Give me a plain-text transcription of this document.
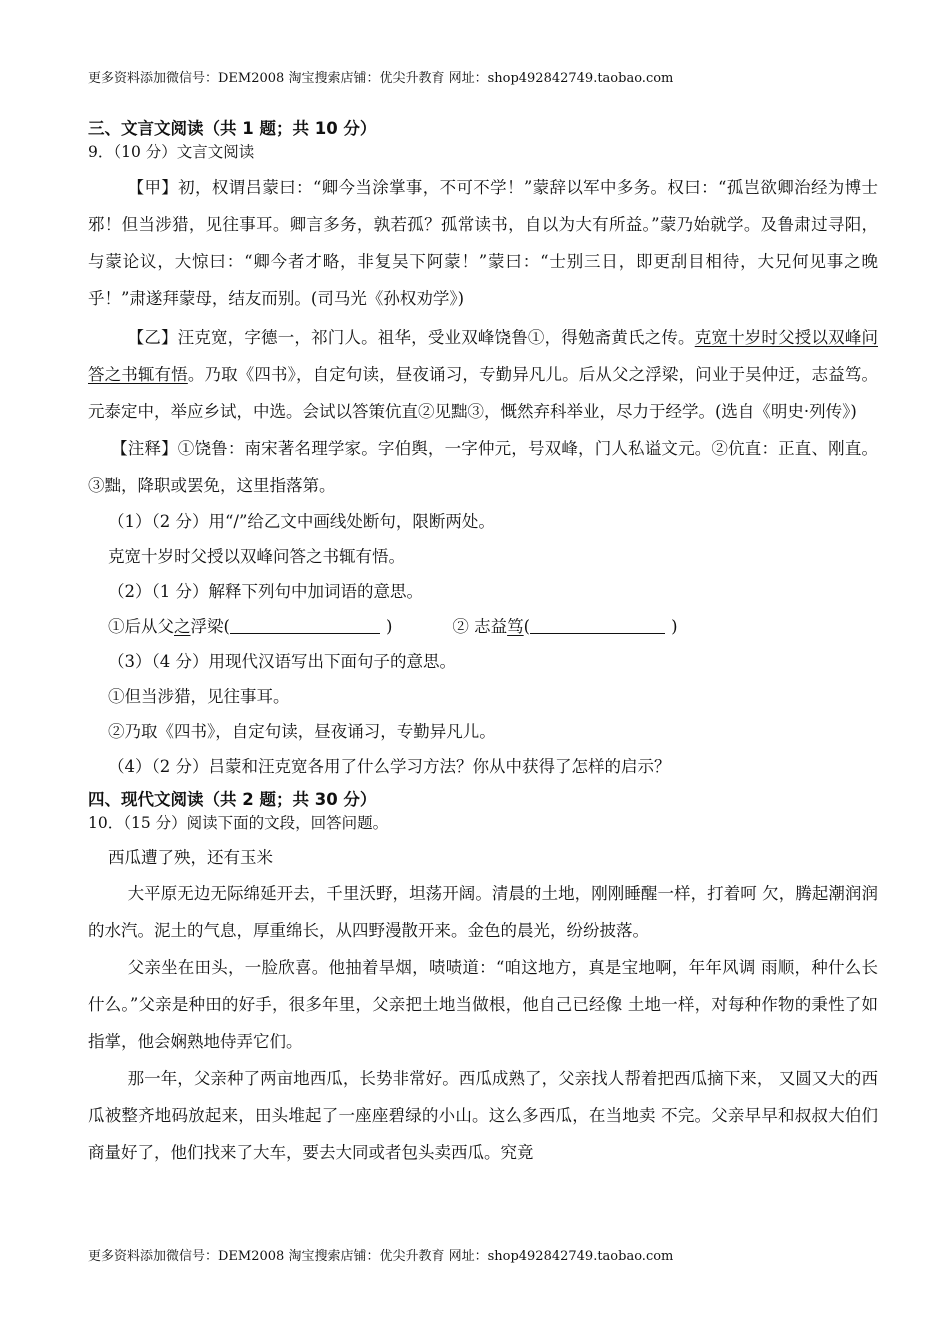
更多资料添加微信号：DEM2008 淘宝搜索店铺：优尖升教育 网址：shop492842749.taobao.com

三、文言文阅读（共 1 题；共 10 分）

9．（10 分）文言文阅读

【甲】初，权谓吕蒙曰：“卿今当涂掌事，不可不学！”蒙辞以军中多务。权曰：“孤岂欲卿治经为博士邪！但当涉猎，见往事耳。卿言多务，孰若孤？孤常读书，自以为大有所益。”蒙乃始就学。及鲁肃过寻阳，与蒙论议，大惊曰：“卿今者才略，非复吴下阿蒙！”蒙曰：“士别三日，即更刮目相待，大兄何见事之晚乎！”肃遂拜蒙母，结友而别。(司马光《孙权劝学》)

【乙】汪克宽，字德一，祁门人。祖华，受业双峰饶鲁①，得勉斋黄氏之传。克宽十岁时父授以双峰问答之书辄有悟。乃取《四书》，自定句读，昼夜诵习，专勤异凡儿。后从父之浮梁，问业于吴仲迂，志益笃。元泰定中，举应乡试，中选。会试以答策伉直②见黜③，慨然弃科举业，尽力于经学。(选自《明史·列传》)

【注释】①饶鲁：南宋著名理学家。字伯舆，一字仲元，号双峰，门人私谥文元。②伉直：正直、刚直。③黜，降职或罢免，这里指落第。

（1）（2 分）用“/”给乙文中画线处断句，限断两处。

克宽十岁时父授以双峰问答之书辄有悟。

（2）（1 分）解释下列句中加词语的意思。

①后从父之浮梁(	)	② 志益笃(	)

（3）（4 分）用现代汉语写出下面句子的意思。

①但当涉猎，见往事耳。

②乃取《四书》，自定句读，昼夜诵习，专勤异凡儿。

（4）（2 分）吕蒙和汪克宽各用了什么学习方法？你从中获得了怎样的启示？

四、现代文阅读（共 2 题；共 30 分）

10．（15 分）阅读下面的文段，回答问题。

西瓜遭了殃，还有玉米

大平原无边无际绵延开去，千里沃野，坦荡开阔。清晨的土地，刚刚睡醒一样，打着呵 欠，腾起潮润润的水汽。泥土的气息，厚重绵长，从四野漫散开来。金色的晨光，纷纷披落。

父亲坐在田头，一脸欣喜。他抽着旱烟，啧啧道：“咱这地方，真是宝地啊，年年风调 雨顺，种什么长什么。”父亲是种田的好手，很多年里，父亲把土地当做根，他自己已经像 土地一样，对每种作物的秉性了如指掌，他会娴熟地侍弄它们。

那一年，父亲种了两亩地西瓜，长势非常好。西瓜成熟了，父亲找人帮着把西瓜摘下来， 又圆又大的西瓜被整齐地码放起来，田头堆起了一座座碧绿的小山。这么多西瓜，在当地卖 不完。父亲早早和叔叔大伯们商量好了，他们找来了大车，要去大同或者包头卖西瓜。究竟

更多资料添加微信号：DEM2008 淘宝搜索店铺：优尖升教育 网址：shop492842749.taobao.com
